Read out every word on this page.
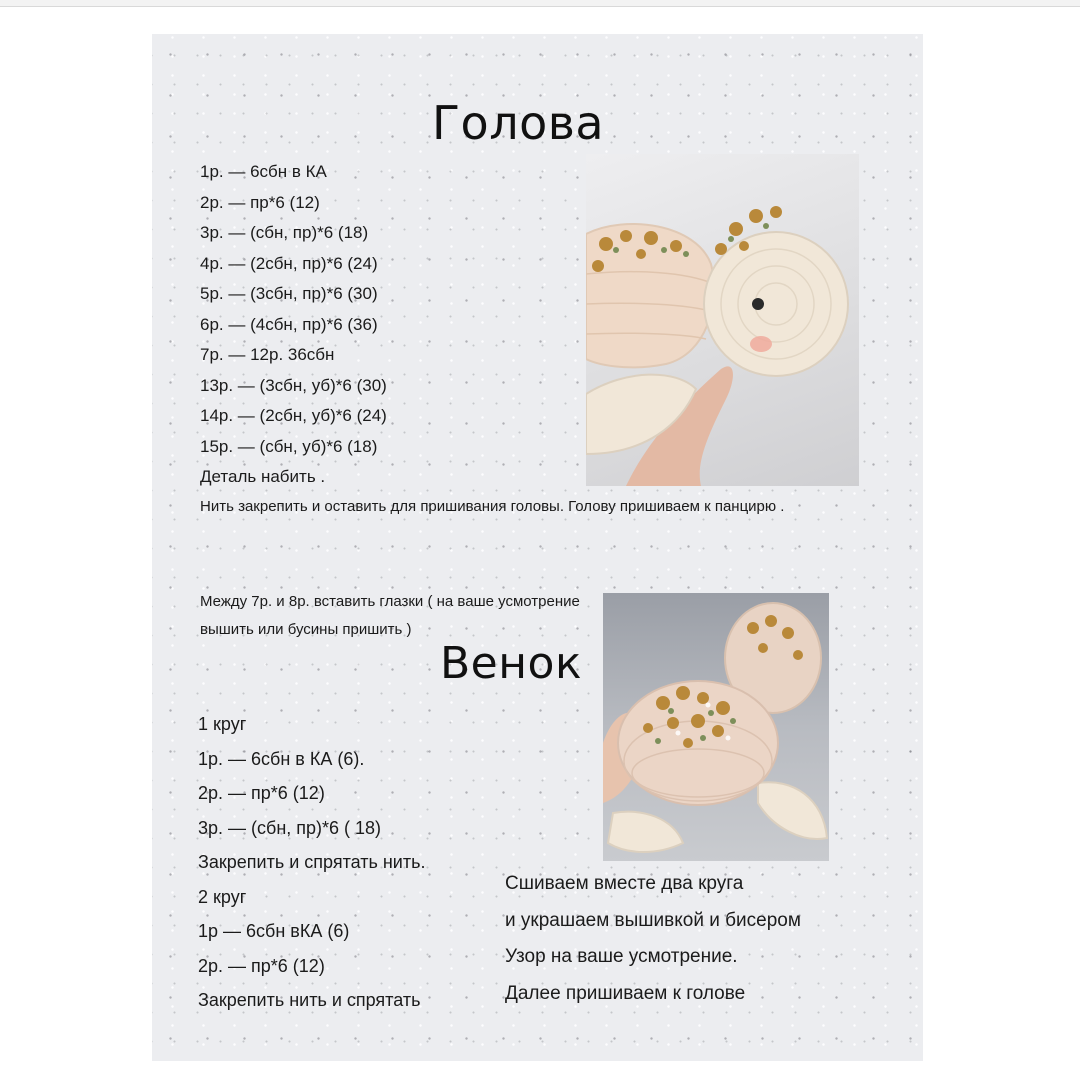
Голова
1р. — 6сбн в КА
2р. — пр*6 (12)
3р. — (сбн, пр)*6 (18)
4р. — (2сбн, пр)*6 (24)
5р. — (3сбн, пр)*6 (30)
6р. — (4сбн, пр)*6 (36)
7р. — 12р. 36сбн
13р. — (3сбн, уб)*6 (30)
14р. — (2сбн, уб)*6 (24)
15р. — (сбн, уб)*6 (18)
Деталь набить .
Нить закрепить и оставить для пришивания головы. Голову пришиваем к панцирю .
Между 7р. и 8р. вставить глазки ( на ваше усмотрение
вышить или бусины пришить )
Венок
1 круг
1р. — 6сбн в КА (6).
2р. — пр*6 (12)
3р. — (сбн, пр)*6 ( 18)
Закрепить и спрятать нить.
2 круг
1р — 6сбн вКА (6)
2р. — пр*6 (12)
Закрепить нить и спрятать
Сшиваем вместе два круга
и украшаем вышивкой и бисером
Узор на ваше усмотрение.
Далее пришиваем к голове
